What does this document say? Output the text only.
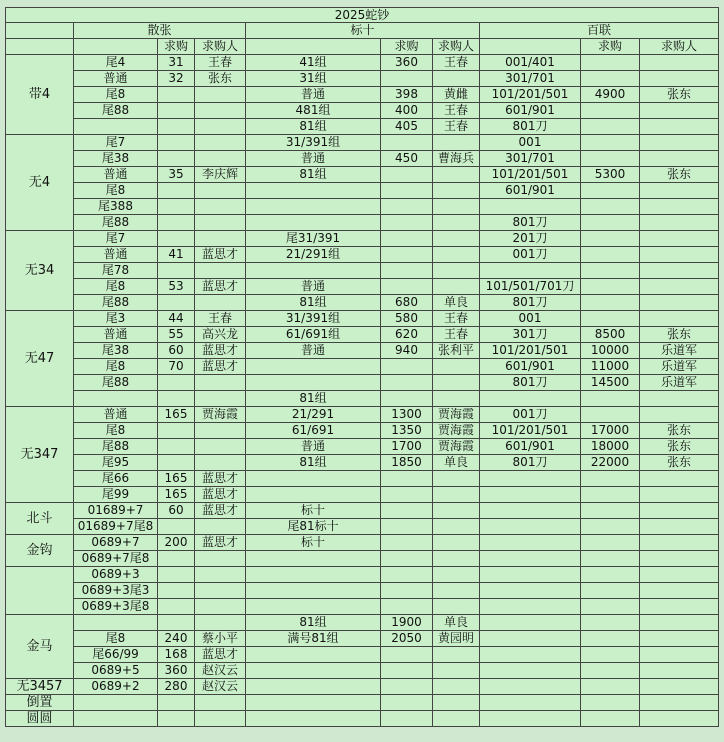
2025蛇钞									
	散张			标十			百联		
		求购	求购人		求购	求购人		求购	求购人
带4	尾4	31	王春	41组	360	王春	001/401		
	普通	32	张东	31组			301/701		
	尾8			普通	398	黄雌	101/201/501	4900	张东
	尾88			481组	400	王春	601/901		
				81组	405	王春	801刀		
无4	尾7			31/391组			001		
	尾38			普通	450	曹海兵	301/701		
	普通	35	李庆辉	81组			101/201/501	5300	张东
	尾8						601/901		
	尾388								
	尾88						801刀		
无34	尾7			尾31/391			201刀		
	普通	41	蓝思才	21/291组			001刀		
	尾78								
	尾8	53	蓝思才	普通			101/501/701刀		
	尾88			81组	680	单良	801刀		
无47	尾3	44	王春	31/391组	580	王春	001		
	普通	55	高兴龙	61/691组	620	王春	301刀	8500	张东
	尾38	60	蓝思才	普通	940	张利平	101/201/501	10000	乐道军
	尾8	70	蓝思才				601/901	11000	乐道军
	尾88						801刀	14500	乐道军
				81组					
无347	普通	165	贾海霞	21/291	1300	贾海霞	001刀		
	尾8			61/691	1350	贾海霞	101/201/501	17000	张东
	尾88			普通	1700	贾海霞	601/901	18000	张东
	尾95			81组	1850	单良	801刀	22000	张东
	尾66	165	蓝思才						
	尾99	165	蓝思才						
北斗	01689+7	60	蓝思才	标十					
	01689+7尾8			尾81标十					
金钩	0689+7	200	蓝思才	标十					
	0689+7尾8								
	0689+3								
	0689+3尾3								
	0689+3尾8								
金马				81组	1900	单良			
	尾8	240	蔡小平	满号81组	2050	黄园明			
	尾66/99	168	蓝思才						
	0689+5	360	赵汉云						
无3457	0689+2	280	赵汉云						
倒置									
圆圆									
